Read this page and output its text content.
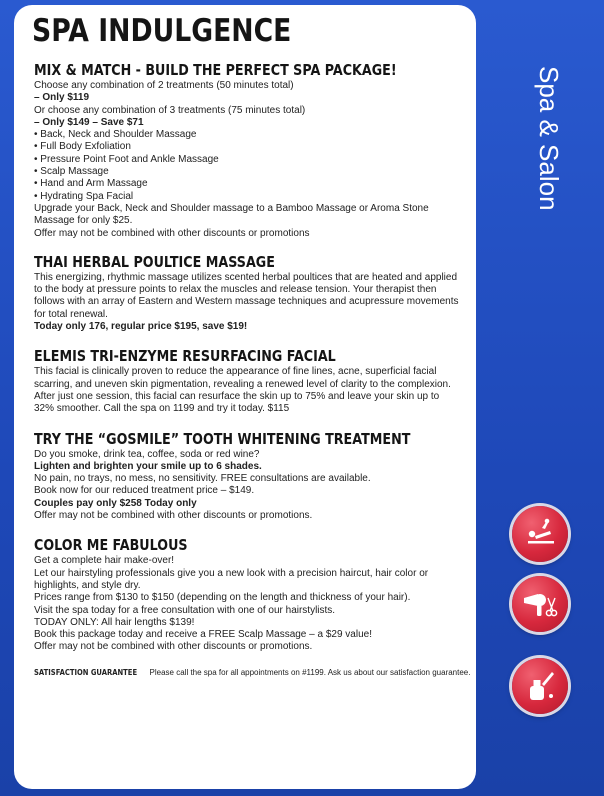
SPA INDULGENCE
MIX & MATCH - BUILD THE PERFECT SPA PACKAGE!
Choose any combination of 2 treatments (50 minutes total)
– Only $119
Or choose any combination of 3 treatments (75 minutes total)
– Only $149 – Save $71
• Back, Neck and Shoulder Massage
• Full Body Exfoliation
• Pressure Point Foot and Ankle Massage
• Scalp Massage
• Hand and Arm Massage
• Hydrating Spa Facial
Upgrade your Back, Neck and Shoulder massage to a Bamboo Massage or Aroma Stone
Massage for only $25.
Offer may not be combined with other discounts or promotions
THAI HERBAL POULTICE MASSAGE
This energizing, rhythmic massage utilizes scented herbal poultices that are heated and applied
to the body at pressure points to relax the muscles and release tension. Your therapist then
follows with an array of Eastern and Western massage techniques and acupressure movements
for total renewal.
Today only 176, regular price $195, save $19!
ELEMIS TRI-ENZYME RESURFACING FACIAL
This facial is clinically proven to reduce the appearance of fine lines, acne, superficial facial
scarring, and uneven skin pigmentation, revealing a renewed level of clarity to the complexion.
After just one session, this facial can resurface the skin up to 75% and leave your skin up to
32% smoother. Call the spa on 1199 and try it today. $115
TRY THE “GOSMILE” TOOTH WHITENING TREATMENT
Do you smoke, drink tea, coffee, soda or red wine?
Lighten and brighten your smile up to 6 shades.
No pain, no trays, no mess, no sensitivity. FREE consultations are available.
Book now for our reduced treatment price – $149.
Couples pay only $258 Today only
Offer may not be combined with other discounts or promotions.
COLOR ME FABULOUS
Get a complete hair make-over!
Let our hairstyling professionals give you a new look with a precision haircut, hair color or
highlights, and style dry.
Prices range from $130 to $150 (depending on the length and thickness of your hair).
Visit the spa today for a free consultation with one of our hairstylists.
TODAY ONLY: All hair lengths $139!
Book this package today and receive a FREE Scalp Massage – a $29 value!
Offer may not be combined with other discounts or promotions.
SATISFACTION GUARANTEE Please call the spa for all appointments on #1199. Ask us about our satisfaction guarantee.
Spa & Salon
